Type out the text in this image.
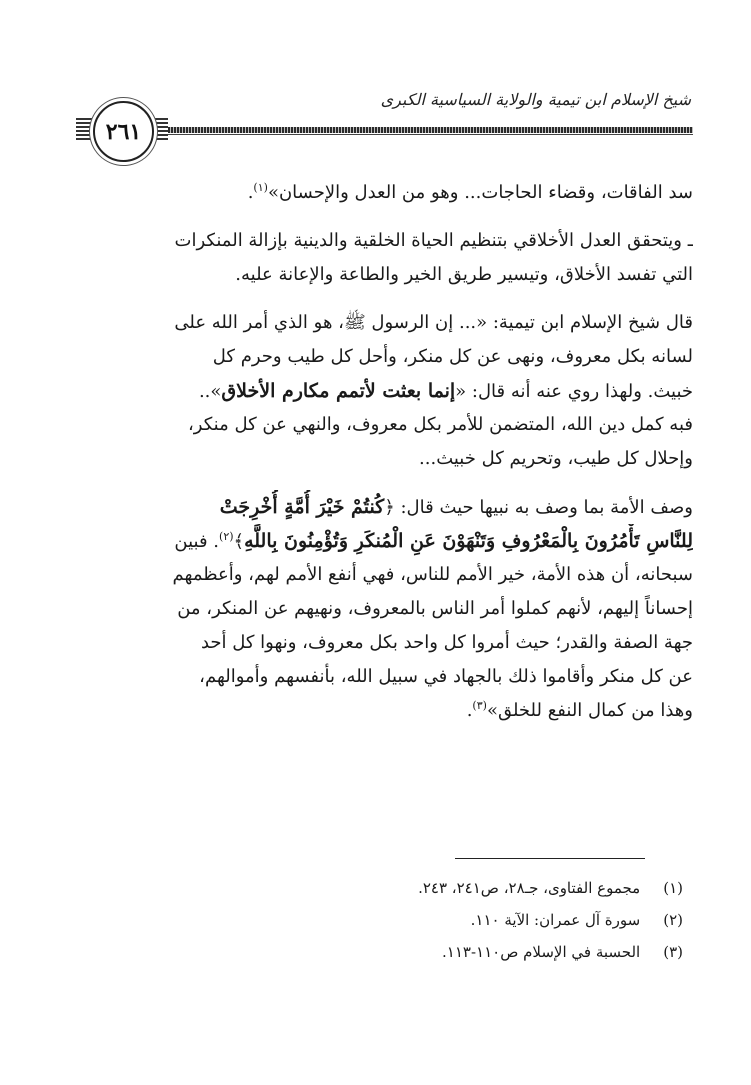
شيخ الإسلام ابن تيمية والولاية السياسية الكبرى
٢٦١
سد الفاقات، وقضاء الحاجات... وهو من العدل والإحسان»$^{(١)}$.
ـ ويتحقق العدل الأخلاقي بتنظيم الحياة الخلقية والدينية بإزالة المنكرات
التي تفسد الأخلاق، وتيسير طريق الخير والطاعة والإعانة عليه.
قال شيخ الإسلام ابن تيمية: «... إن الرسول ﷺ، هو الذي أمر الله على
لسانه بكل معروف، ونهى عن كل منكر، وأحل كل طيب وحرم كل
خبيث. ولهذا روي عنه أنه قال: «إنما بعثت لأتمم مكارم الأخلاق»..
فبه كمل دين الله، المتضمن للأمر بكل معروف، والنهي عن كل منكر،
وإحلال كل طيب، وتحريم كل خبيث...
وصف الأمة بما وصف به نبيها حيث قال: ﴿كُنتُمْ خَيْرَ أُمَّةٍ أُخْرِجَتْ
لِلنَّاسِ تَأْمُرُونَ بِالْمَعْرُوفِ وَتَنْهَوْنَ عَنِ الْمُنكَرِ وَتُؤْمِنُونَ بِاللَّهِ﴾$^{(٢)}$. فبين
سبحانه، أن هذه الأمة، خير الأمم للناس، فهي أنفع الأمم لهم، وأعظمهم
إحساناً إليهم، لأنهم كملوا أمر الناس بالمعروف، ونهيهم عن المنكر، من
جهة الصفة والقدر؛ حيث أمروا كل واحد بكل معروف، ونهوا كل أحد
عن كل منكر وأقاموا ذلك بالجهاد في سبيل الله، بأنفسهم وأموالهم،
وهذا من كمال النفع للخلق»$^{(٣)}$.
(١) مجموع الفتاوى، جـ٢٨، ص٢٤١، ٢٤٣.
(٢) سورة آل عمران: الآية ١١٠.
(٣) الحسبة في الإسلام ص١١٠-١١٣.
